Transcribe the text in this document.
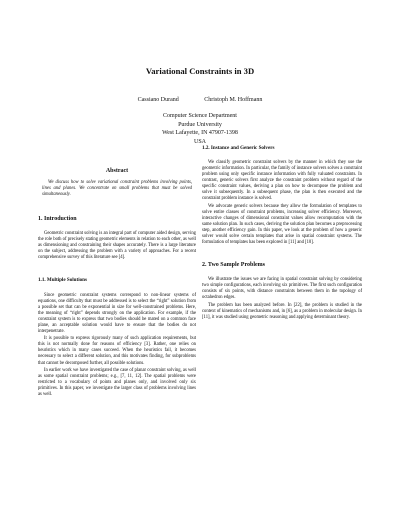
Variational Constraints in 3D
Cassiano Durand	Christoph M. Hoffmann
Computer Science Department
Purdue University
West Lafayette, IN 47907-1398
USA
Abstract

We discuss how to solve variational constraint problems involving points, lines and planes. We concentrate on small problems that must be solved simultaneously.

1. Introduction

Geometric constraint solving is an integral part of computer aided design, serving the role both of precisely stating geometric elements in relation to each other, as well as dimensioning and constraining their shapes accurately. There is a large literature on the subject, addressing the problem with a variety of approaches. For a recent comprehensive survey of this literature see [4].

1.1. Multiple Solutions

Since geometric constraint systems correspond to non-linear systems of equations, one difficulty that must be addressed is to select the “right” solution from a possible set that can be exponential in size for well-constrained problems. Here, the meaning of “right” depends strongly on the application. For example, if the constraint system is to express that two bodies should be mated on a common face plane, an acceptable solution would have to ensure that the bodies do not interpenetrate.

It is possible to express rigorously many of such application requirements, but this is not normally done for reasons of efficiency [3]. Rather, one relies on heuristics which in many cases succeed. When the heuristics fail, it becomes necessary to select a different solution, and this motivates finding, for subproblems that cannot be decomposed further, all possible solutions.

In earlier work we have investigated the case of planar constraint solving, as well as some spatial constraint problems; e.g., [7, 11, 12]. The spatial problems were restricted to a vocabulary of points and planes only, and involved only six primitives. In this paper, we investigate the larger class of problems involving lines as well.

1.2. Instance and Generic Solvers

We classify geometric constraint solvers by the manner in which they use the geometric information. In particular, the family of instance solvers solves a constraint problem using only specific instance information with fully valuated constraints. In contrast, generic solvers first analyze the constraint problem without regard of the specific constraint values, deriving a plan on how to decompose the problem and solve it subsequently. In a subsequent phase, the plan is then executed and the constraint problem instance is solved.

We advocate generic solvers because they allow the formulation of templates to solve entire classes of constraint problems, increasing solver efficiency. Moreover, interactive changes of dimensional constraint values allow recomputation with the same solution plan. In such cases, deriving the solution plan becomes a preprocessing step, another efficiency gain. In this paper, we look at the problem of how a generic solver would solve certain templates that arise in spatial constraint systems. The formulation of templates has been explored in [11] and [10].

2. Two Sample Problems

We illustrate the issues we are facing in spatial constraint solving by considering two simple configurations, each involving six primitives. The first such configuration consists of six points, with distance constraints between them in the topology of octahedron edges.

The problem has been analyzed before. In [22], the problem is studied in the context of kinematics of mechanisms and, in [6], as a problem in molecular design. In [11], it was studied using geometric reasoning and applying determinant theory.
